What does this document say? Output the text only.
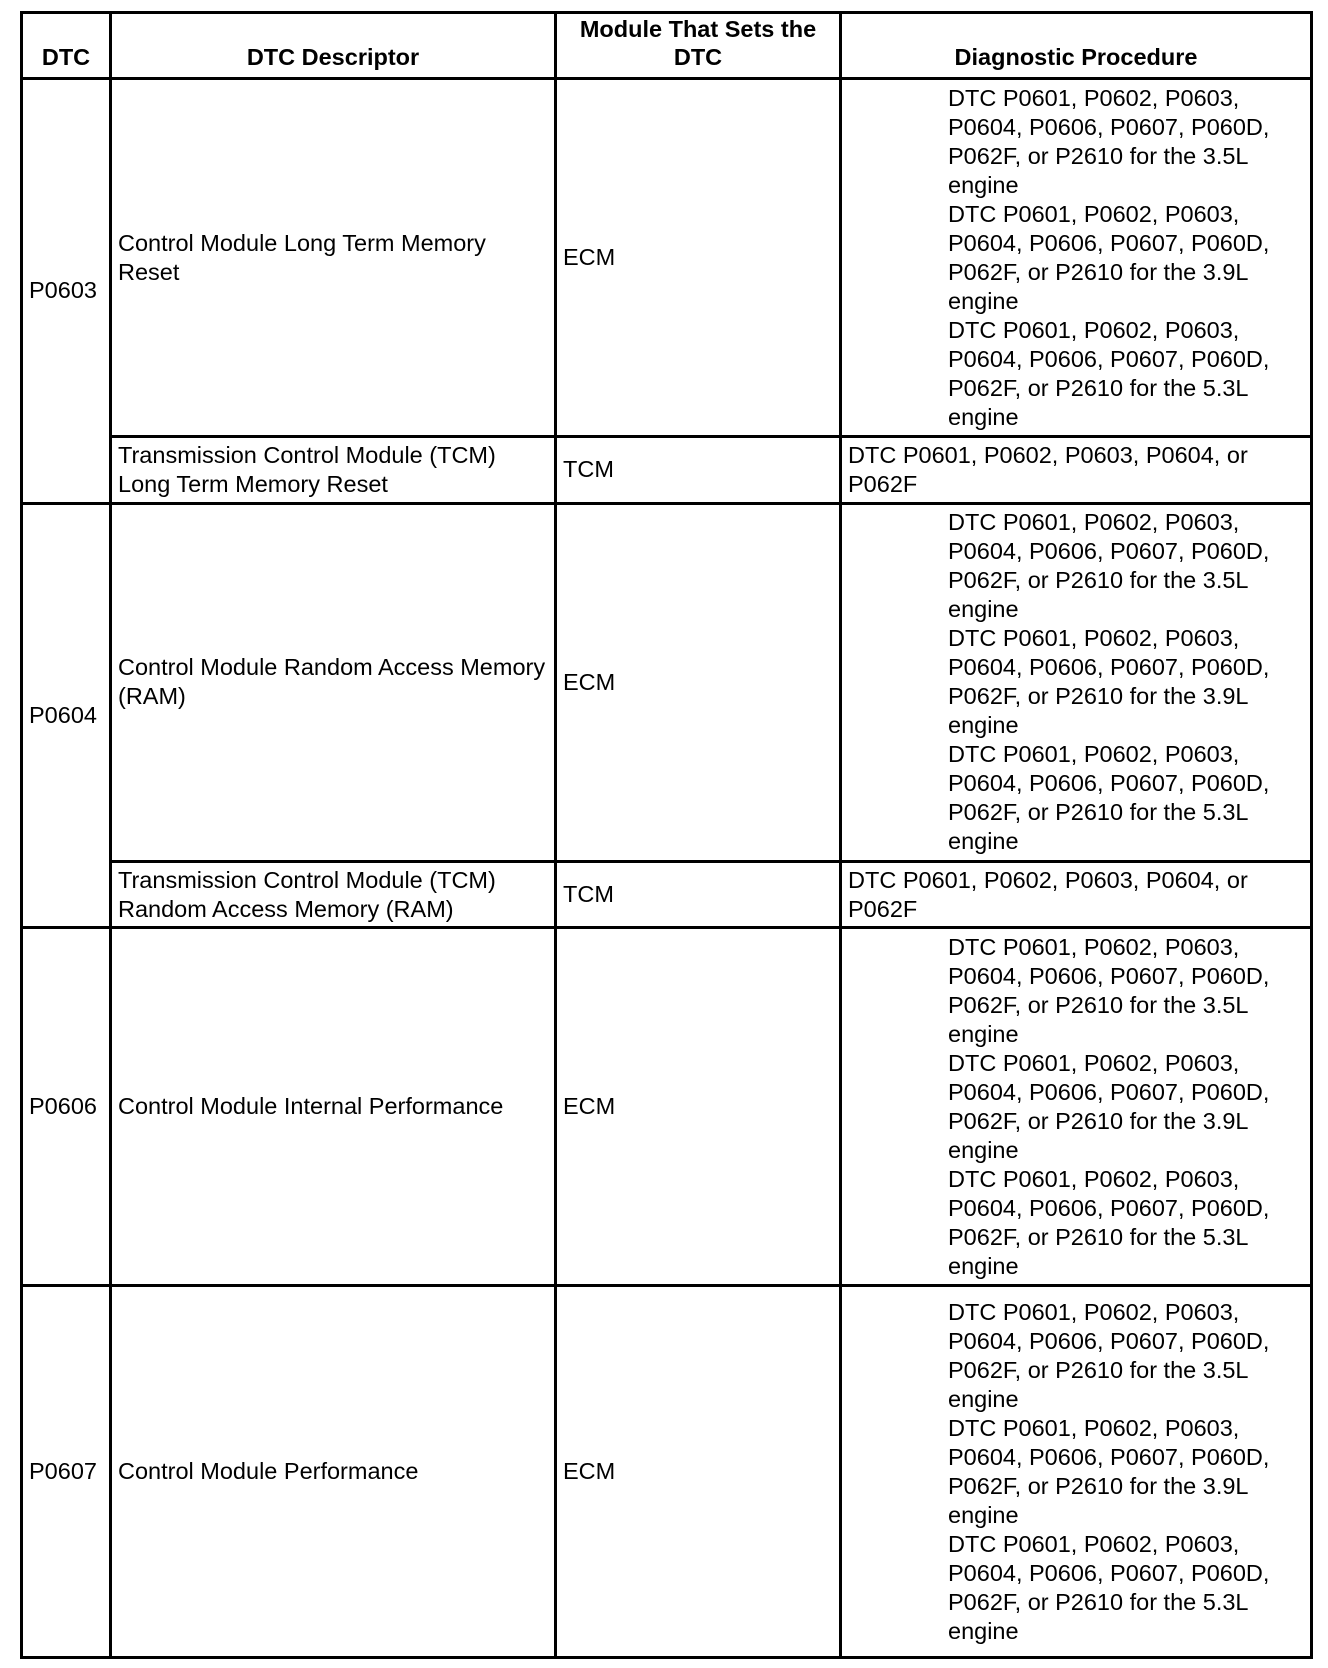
DTC	DTC Descriptor	Module That Sets the DTC	Diagnostic Procedure
P0603	Control Module Long Term Memory Reset	ECM	DTC P0601, P0602, P0603, P0604, P0606, P0607, P060D, P062F, or P2610 for the 3.5L engine
DTC P0601, P0602, P0603, P0604, P0606, P0607, P060D, P062F, or P2610 for the 3.9L engine
DTC P0601, P0602, P0603, P0604, P0606, P0607, P060D, P062F, or P2610 for the 5.3L engine

	Transmission Control Module (TCM) Long Term Memory Reset	TCM	DTC P0601, P0602, P0603, P0604, or P062F

P0604	Control Module Random Access Memory (RAM)	ECM	DTC P0601, P0602, P0603, P0604, P0606, P0607, P060D, P062F, or P2610 for the 3.5L engine
DTC P0601, P0602, P0603, P0604, P0606, P0607, P060D, P062F, or P2610 for the 3.9L engine
DTC P0601, P0602, P0603, P0604, P0606, P0607, P060D, P062F, or P2610 for the 5.3L engine

	Transmission Control Module (TCM) Random Access Memory (RAM)	TCM	DTC P0601, P0602, P0603, P0604, or P062F

P0606	Control Module Internal Performance	ECM	DTC P0601, P0602, P0603, P0604, P0606, P0607, P060D, P062F, or P2610 for the 3.5L engine
DTC P0601, P0602, P0603, P0604, P0606, P0607, P060D, P062F, or P2610 for the 3.9L engine
DTC P0601, P0602, P0603, P0604, P0606, P0607, P060D, P062F, or P2610 for the 5.3L engine

P0607	Control Module Performance	ECM	DTC P0601, P0602, P0603, P0604, P0606, P0607, P060D, P062F, or P2610 for the 3.5L engine
DTC P0601, P0602, P0603, P0604, P0606, P0607, P060D, P062F, or P2610 for the 3.9L engine
DTC P0601, P0602, P0603, P0604, P0606, P0607, P060D, P062F, or P2610 for the 5.3L engine
